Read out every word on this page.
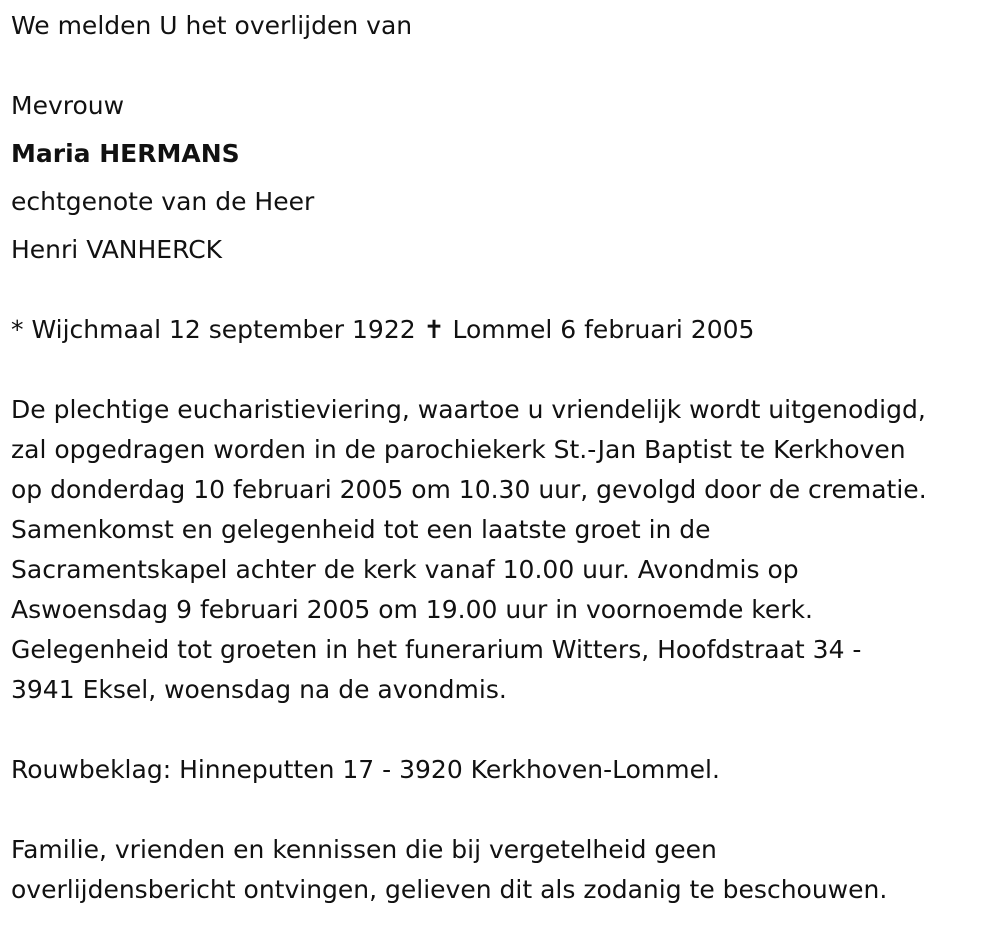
We melden U het overlijden van
Mevrouw
Maria HERMANS
echtgenote van de Heer
Henri VANHERCK
* Wijchmaal 12 september 1922 ✝ Lommel 6 februari 2005
De plechtige eucharistieviering, waartoe u vriendelijk wordt uitgenodigd,
zal opgedragen worden in de parochiekerk St.-Jan Baptist te Kerkhoven
op donderdag 10 februari 2005 om 10.30 uur, gevolgd door de crematie.
Samenkomst en gelegenheid tot een laatste groet in de
Sacramentskapel achter de kerk vanaf 10.00 uur. Avondmis op
Aswoensdag 9 februari 2005 om 19.00 uur in voornoemde kerk.
Gelegenheid tot groeten in het funerarium Witters, Hoofdstraat 34 -
3941 Eksel, woensdag na de avondmis.
Rouwbeklag: Hinneputten 17 - 3920 Kerkhoven-Lommel.
Familie, vrienden en kennissen die bij vergetelheid geen
overlijdensbericht ontvingen, gelieven dit als zodanig te beschouwen.
